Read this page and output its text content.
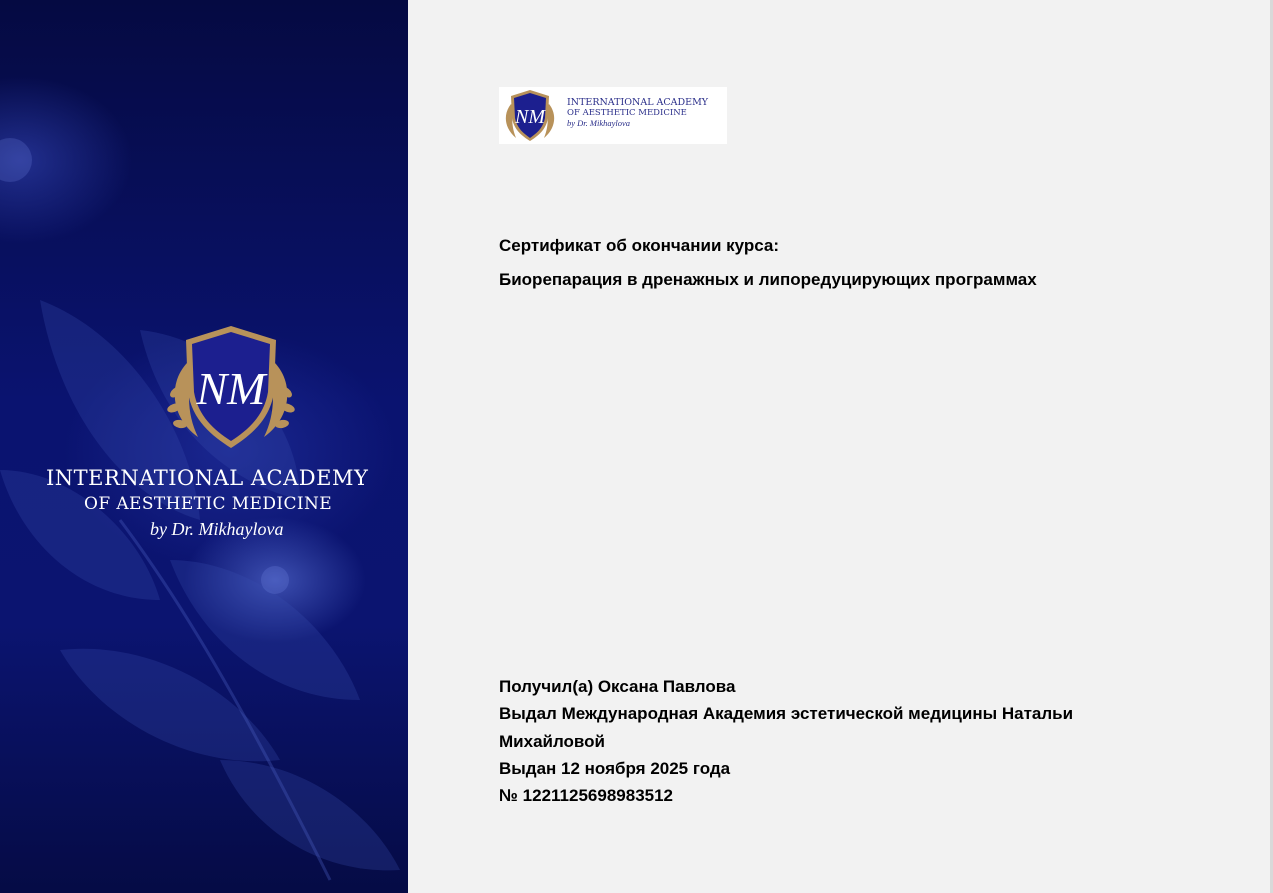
NM
INTERNATIONAL ACADEMY
OF AESTHETIC MEDICINE
by Dr. Mikhaylova
NM
INTERNATIONAL ACADEMY
OF AESTHETIC MEDICINE
by Dr. Mikhaylova
Сертификат об окончании курса:
Биорепарация в дренажных и липоредуцирующих программах
Получил(а) Оксана Павлова
Выдал Международная Академия эстетической медицины Натальи
Михайловой
Выдан 12 ноября 2025 года
№ 1221125698983512
